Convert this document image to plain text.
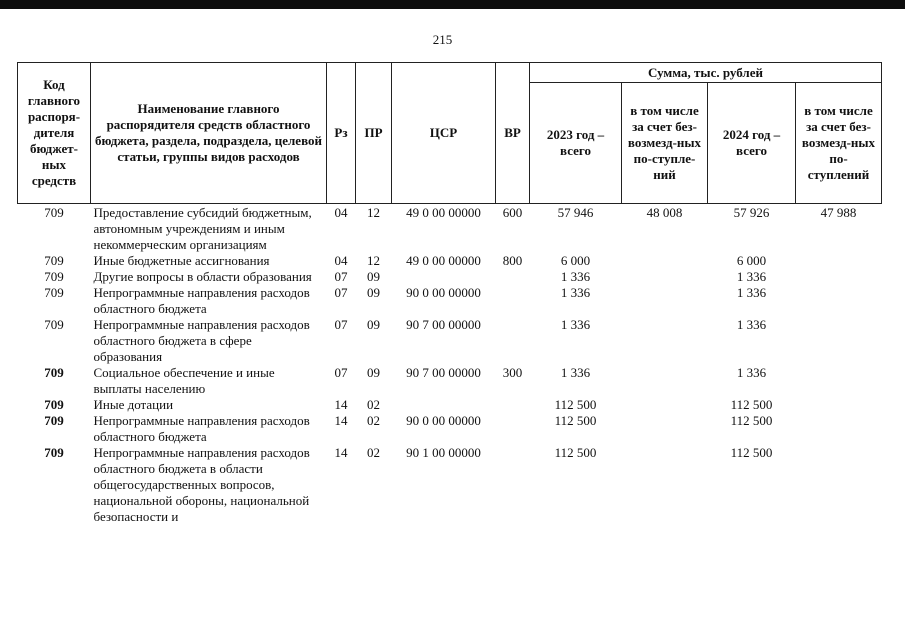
215
Код главного распоря-дителя бюджет-ных средств	Наименование главного распорядителя средств областного бюджета, раздела, подраздела, целевой статьи, группы видов расходов	Рз	ПР	ЦСР	ВР	Сумма, тыс. рублей			
						2023 год – всего	в том числе за счет без-возмезд-ных по-ступле-ний	2024 год – всего	в том числе за счет без-возмезд-ных по-ступлений
709	Предоставление субсидий бюджетным, автономным учреждениям и иным некоммерческим организациям	04	12	49 0 00 00000	600	57 946	48 008	57 926	47 988
709	Иные бюджетные ассигнования	04	12	49 0 00 00000	800	6 000		6 000	
709	Другие вопросы в области образования	07	09			1 336		1 336	
709	Непрограммные направления расходов областного бюджета	07	09	90 0 00 00000		1 336		1 336	
709	Непрограммные направления расходов областного бюджета в сфере образования	07	09	90 7 00 00000		1 336		1 336	
709	Социальное обеспечение и иные выплаты населению	07	09	90 7 00 00000	300	1 336		1 336	
709	Иные дотации	14	02			112 500		112 500	
709	Непрограммные направления расходов областного бюджета	14	02	90 0 00 00000		112 500		112 500	
709	Непрограммные направления расходов областного бюджета в области общегосударственных вопросов, национальной обороны, национальной безопасности и	14	02	90 1 00 00000		112 500		112 500	
